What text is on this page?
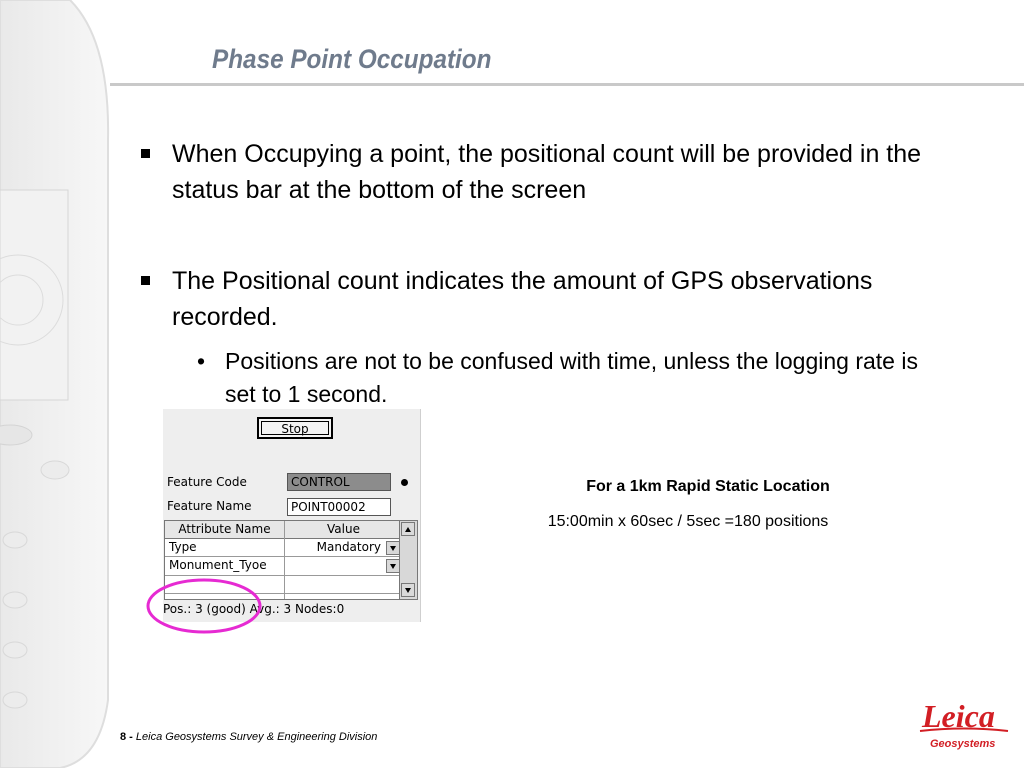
Phase Point Occupation
When Occupying a point, the positional count will be provided in the status bar at the bottom of the screen
The Positional count indicates the amount of GPS observations recorded.
• Positions are not to be confused with time, unless the logging rate is set to 1 second.
Stop
Feature Code	CONTROL
Feature Name	POINT00002
Attribute Name	Value
Type	Mandatory
Monument_Tyoe
Pos.: 3 (good) Avg.: 3 Nodes:0
For a 1km Rapid Static Location
15:00min x 60sec / 5sec =180 positions
8 - Leica Geosystems Survey & Engineering Division
Leica
Geosystems
